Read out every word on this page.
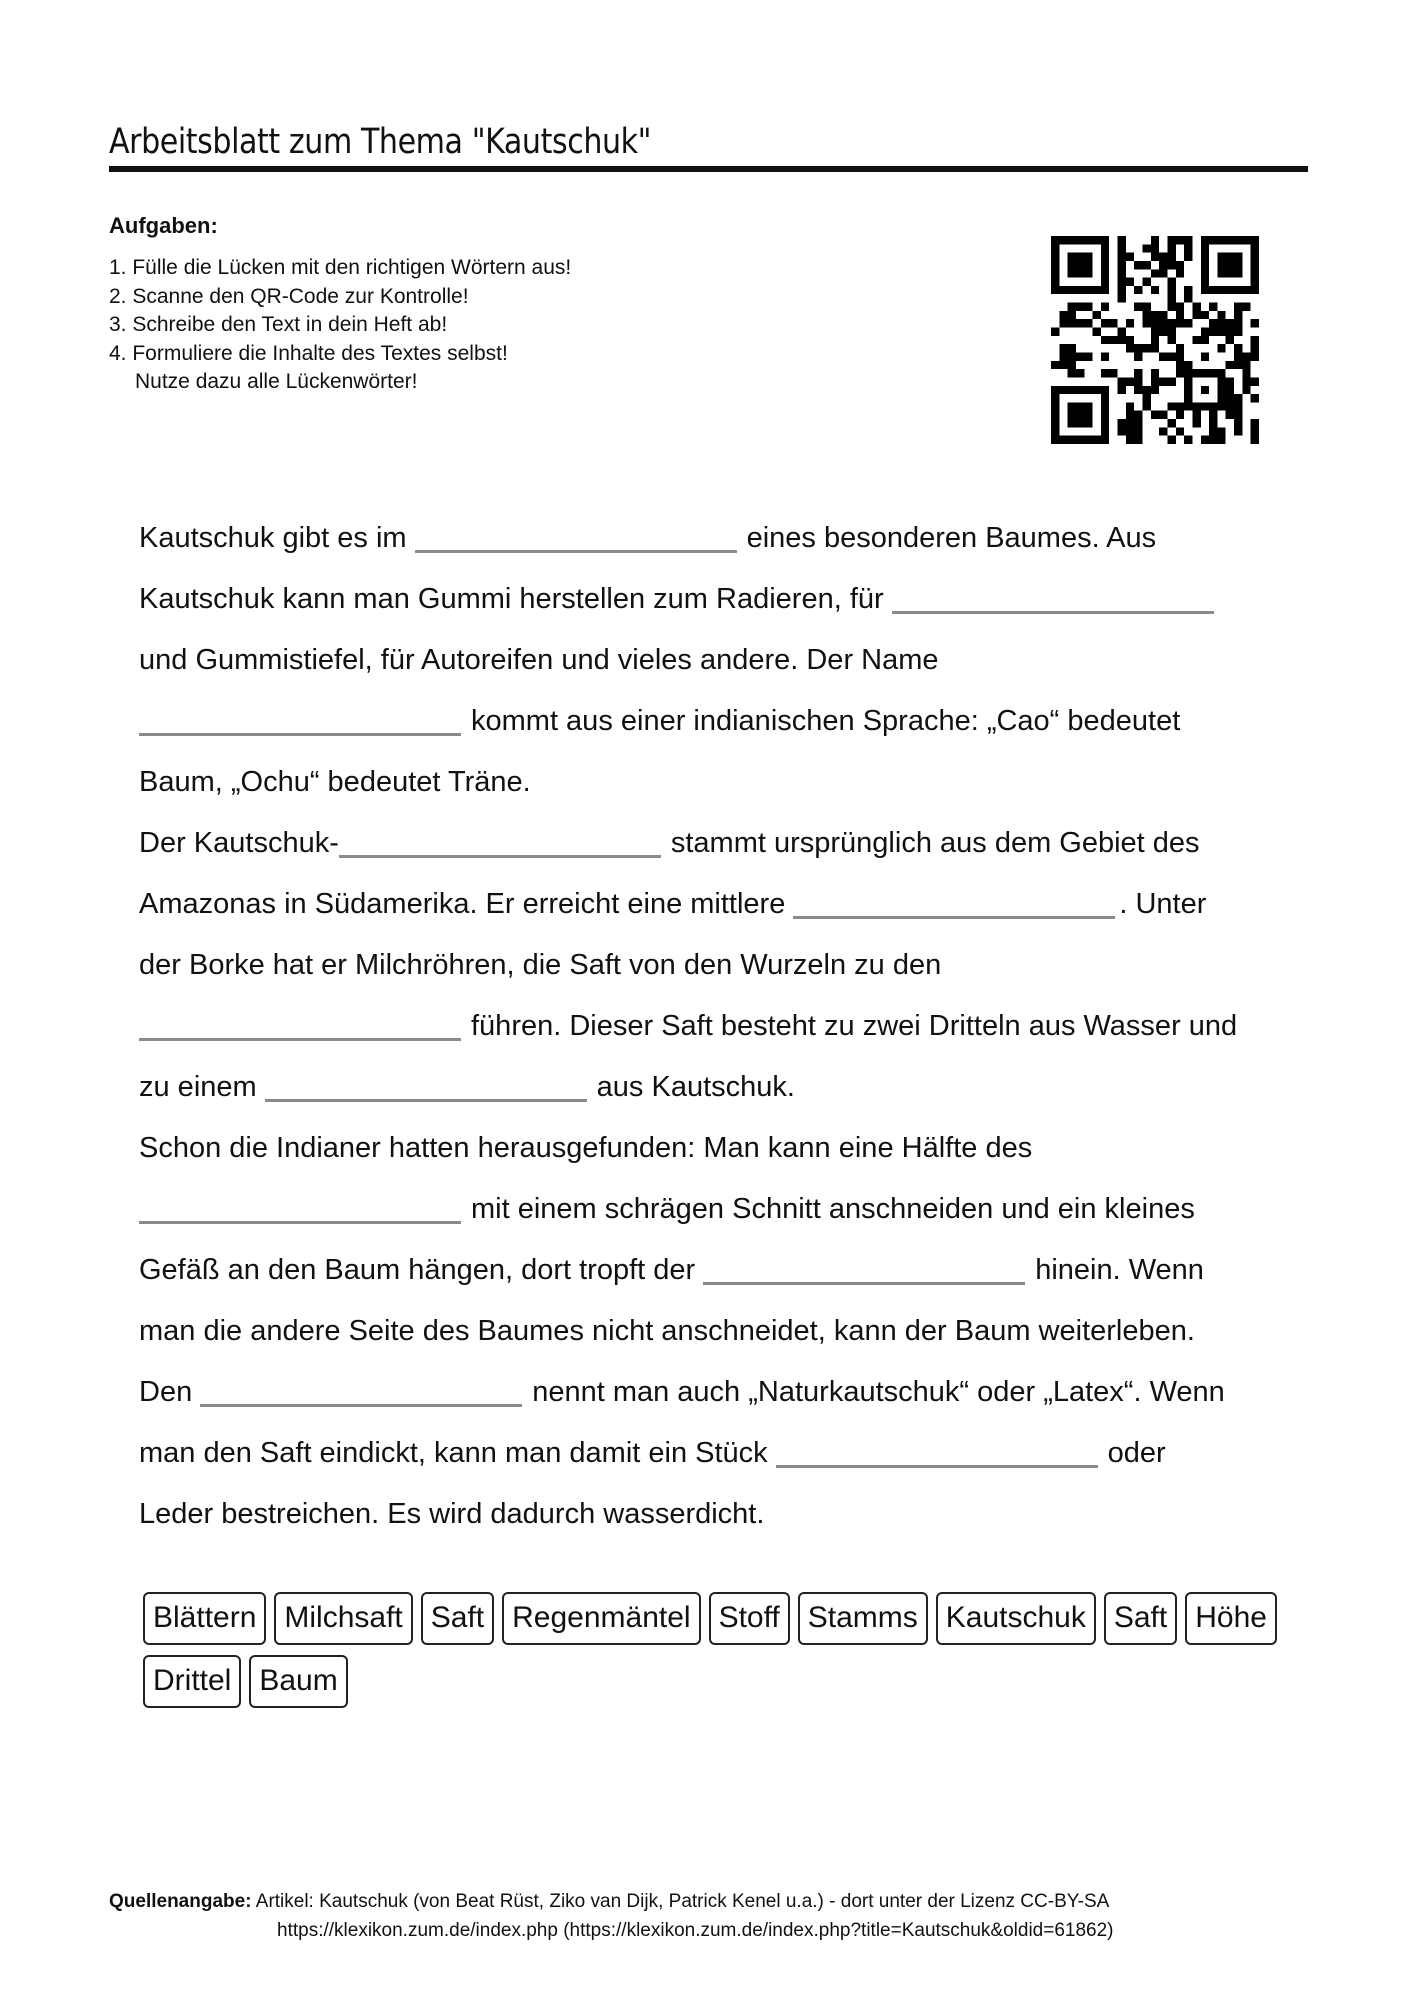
Arbeitsblatt zum Thema "Kautschuk"
Aufgaben:
1. Fülle die Lücken mit den richtigen Wörtern aus!
2. Scanne den QR-Code zur Kontrolle!
3. Schreibe den Text in dein Heft ab!
4. Formuliere die Inhalte des Textes selbst!
Nutze dazu alle Lückenwörter!
Kautschuk gibt es im	eines besonderen Baumes. Aus
Kautschuk kann man Gummi herstellen zum Radieren, für
und Gummistiefel, für Autoreifen und vieles andere. Der Name
kommt aus einer indianischen Sprache: „Cao“ bedeutet
Baum, „Ochu“ bedeutet Träne.
Der Kautschuk-	stammt ursprünglich aus dem Gebiet des
Amazonas in Südamerika. Er erreicht eine mittlere	. Unter
der Borke hat er Milchröhren, die Saft von den Wurzeln zu den
führen. Dieser Saft besteht zu zwei Dritteln aus Wasser und
zu einem	aus Kautschuk.
Schon die Indianer hatten herausgefunden: Man kann eine Hälfte des
mit einem schrägen Schnitt anschneiden und ein kleines
Gefäß an den Baum hängen, dort tropft der	hinein. Wenn
man die andere Seite des Baumes nicht anschneidet, kann der Baum weiterleben.
Den	nennt man auch „Naturkautschuk“ oder „Latex“. Wenn
man den Saft eindickt, kann man damit ein Stück	oder
Leder bestreichen. Es wird dadurch wasserdicht.
Blättern Milchsaft Saft Regenmäntel Stoff Stamms Kautschuk Saft Höhe
Drittel Baum
Quellenangabe: Artikel: Kautschuk (von Beat Rüst, Ziko van Dijk, Patrick Kenel u.a.) - dort unter der Lizenz CC-BY-SA
https://klexikon.zum.de/index.php (https://klexikon.zum.de/index.php?title=Kautschuk&oldid=61862)
